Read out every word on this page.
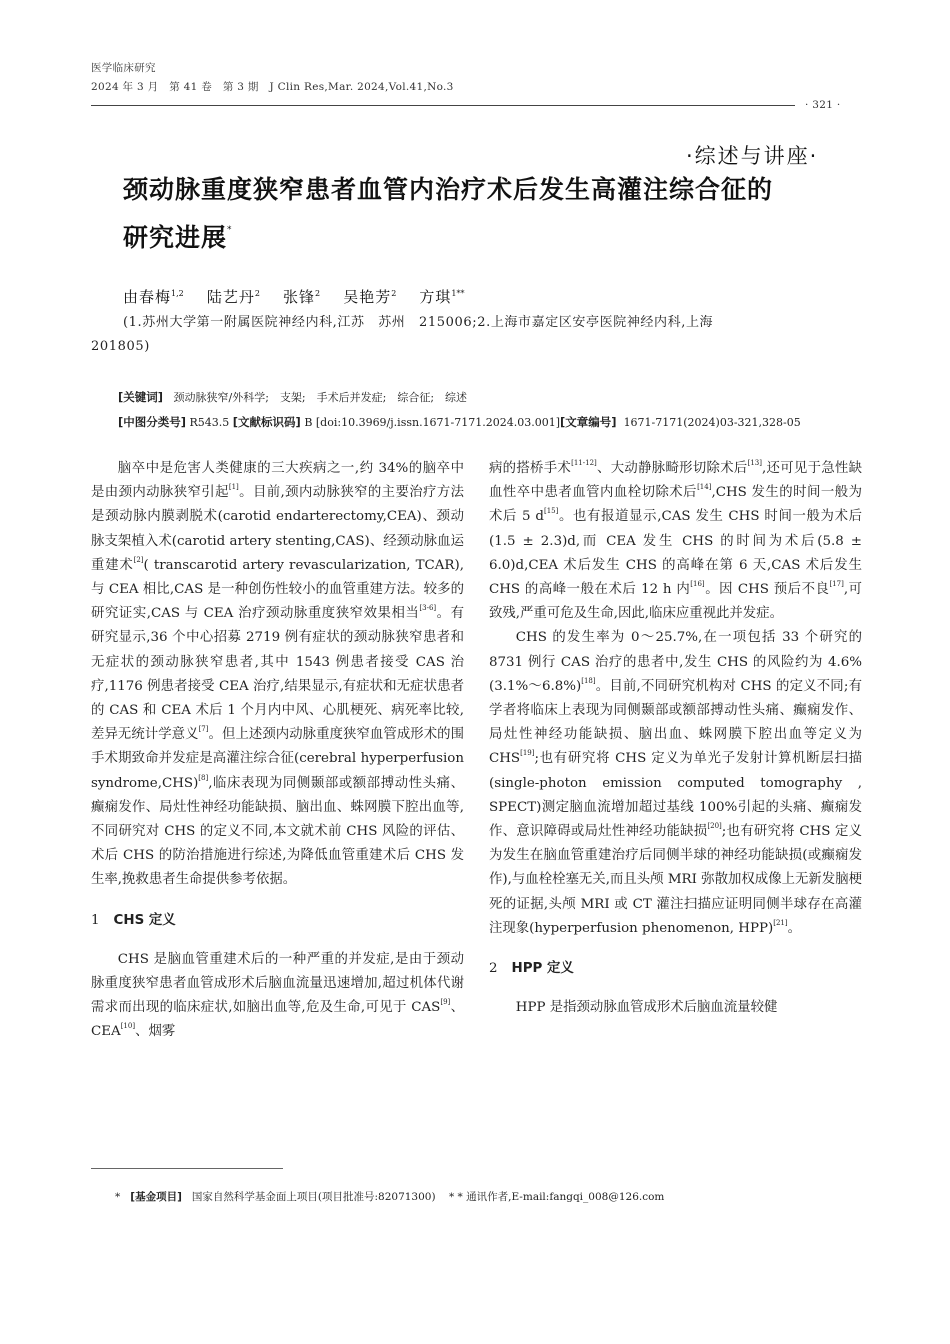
医学临床研究
2024 年 3 月　第 41 卷　第 3 期　J Clin Res,Mar. 2024,Vol.41,No.3
· 321 ·
·综述与讲座·
颈动脉重度狭窄患者血管内治疗术后发生高灌注综合征的
研究进展*
由春梅$^{1,2}$ 陆艺丹$^2$ 张锋$^2$ 吴艳芳$^2$ 方琪$^{1**}$
(1.苏州大学第一附属医院神经内科,江苏　苏州　215006;2.上海市嘉定区安亭医院神经内科,上海
201805)
[关键词] 颈动脉狭窄/外科学;　支架;　手术后并发症;　综合征;　综述
[中图分类号] R543.5 [文献标识码] B [doi:10.3969/j.issn.1671-7171.2024.03.001][文章编号] 1671-7171(2024)03-321,328-05

脑卒中是危害人类健康的三大疾病之一,约 34%的脑卒中是由颈内动脉狭窄引起[1]。目前,颈内动脉狭窄的主要治疗方法是颈动脉内膜剥脱术(carotid endarterectomy,CEA)、颈动脉支架植入术(carotid artery stenting,CAS)、经颈动脉血运重建术[2]( transcarotid artery revascularization, TCAR),与 CEA 相比,CAS 是一种创伤性较小的血管重建方法。较多的研究证实,CAS 与 CEA 治疗颈动脉重度狭窄效果相当[3-6]。有研究显示,36 个中心招募 2719 例有症状的颈动脉狭窄患者和无症状的颈动脉狭窄患者,其中 1543 例患者接受 CAS 治疗,1176 例患者接受 CEA 治疗,结果显示,有症状和无症状患者的 CAS 和 CEA 术后 1 个月内中风、心肌梗死、病死率比较,差异无统计学意义[7]。但上述颈内动脉重度狭窄血管成形术的围手术期致命并发症是高灌注综合征(cerebral hyperperfusion syndrome,CHS)[8],临床表现为同侧颞部或额部搏动性头痛、癫痫发作、局灶性神经功能缺损、脑出血、蛛网膜下腔出血等,不同研究对 CHS 的定义不同,本文就术前 CHS 风险的评估、术后 CHS 的防治措施进行综述,为降低血管重建术后 CHS 发生率,挽救患者生命提供参考依据。

1 CHS 定义

CHS 是脑血管重建术后的一种严重的并发症,是由于颈动脉重度狭窄患者血管成形术后脑血流量迅速增加,超过机体代谢需求而出现的临床症状,如脑出血等,危及生命,可见于 CAS[9]、CEA[10]、烟雾

病的搭桥手术[11-12]、大动静脉畸形切除术后[13],还可见于急性缺血性卒中患者血管内血栓切除术后[14],CHS 发生的时间一般为术后 5 d[15]。也有报道显示,CAS 发生 CHS 时间一般为术后(1.5 ± 2.3)d,而 CEA 发生 CHS 的时间为术后(5.8 ± 6.0)d,CEA 术后发生 CHS 的高峰在第 6 天,CAS 术后发生 CHS 的高峰一般在术后 12 h 内[16]。因 CHS 预后不良[17],可致残,严重可危及生命,因此,临床应重视此并发症。

CHS 的发生率为 0～25.7%,在一项包括 33 个研究的 8731 例行 CAS 治疗的患者中,发生 CHS 的风险约为 4.6%(3.1%～6.8%)[18]。目前,不同研究机构对 CHS 的定义不同;有学者将临床上表现为同侧颞部或额部搏动性头痛、癫痫发作、局灶性神经功能缺损、脑出血、蛛网膜下腔出血等定义为 CHS[19];也有研究将 CHS 定义为单光子发射计算机断层扫描(single-photon emission computed tomography , SPECT)测定脑血流增加超过基线 100%引起的头痛、癫痫发作、意识障碍或局灶性神经功能缺损[20];也有研究将 CHS 定义为发生在脑血管重建治疗后同侧半球的神经功能缺损(或癫痫发作),与血栓栓塞无关,而且头颅 MRI 弥散加权成像上无新发脑梗死的证据,头颅 MRI 或 CT 灌注扫描应证明同侧半球存在高灌注现象(hyperperfusion phenomenon, HPP)[21]。

2 HPP 定义

HPP 是指颈动脉血管成形术后脑血流量较健

* [基金项目] 国家自然科学基金面上项目(项目批准号:82071300) * * 通讯作者,E-mail:fangqi_008@126.com
